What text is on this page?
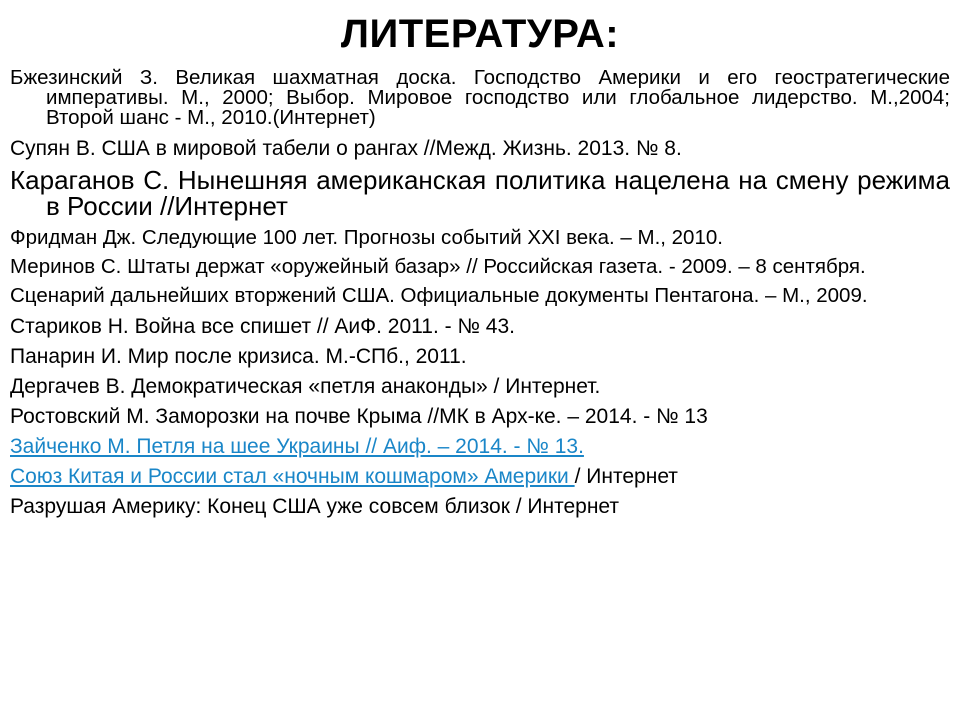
ЛИТЕРАТУРА:
Бжезинский З. Великая шахматная доска. Господство Америки и его геостратегические императивы. М., 2000; Выбор. Мировое господство или глобальное лидерство. М.,2004; Второй шанс - М., 2010.(Интернет)
Супян В. США в мировой табели о рангах //Межд. Жизнь. 2013. № 8.
Караганов С. Нынешняя американская политика нацелена на смену режима в России //Интернет
Фридман Дж. Следующие 100 лет. Прогнозы событий XXI века. – М., 2010.
Меринов С. Штаты держат «оружейный базар» // Российская газета. - 2009. – 8 сентября.
Сценарий дальнейших вторжений США. Официальные документы Пентагона. – М., 2009.
Стариков Н. Война все спишет // АиФ. 2011. - № 43.
Панарин И. Мир после кризиса. М.-СПб., 2011.
Дергачев В. Демократическая «петля анаконды» / Интернет.
Ростовский М. Заморозки на почве Крыма //МК в Арх-ке. – 2014. - № 13
Зайченко М. Петля на шее Украины // Аиф. – 2014. - № 13.
Союз Китая и России стал «ночным кошмаром» Америки / Интернет
Разрушая Америку: Конец США уже совсем близок / Интернет
